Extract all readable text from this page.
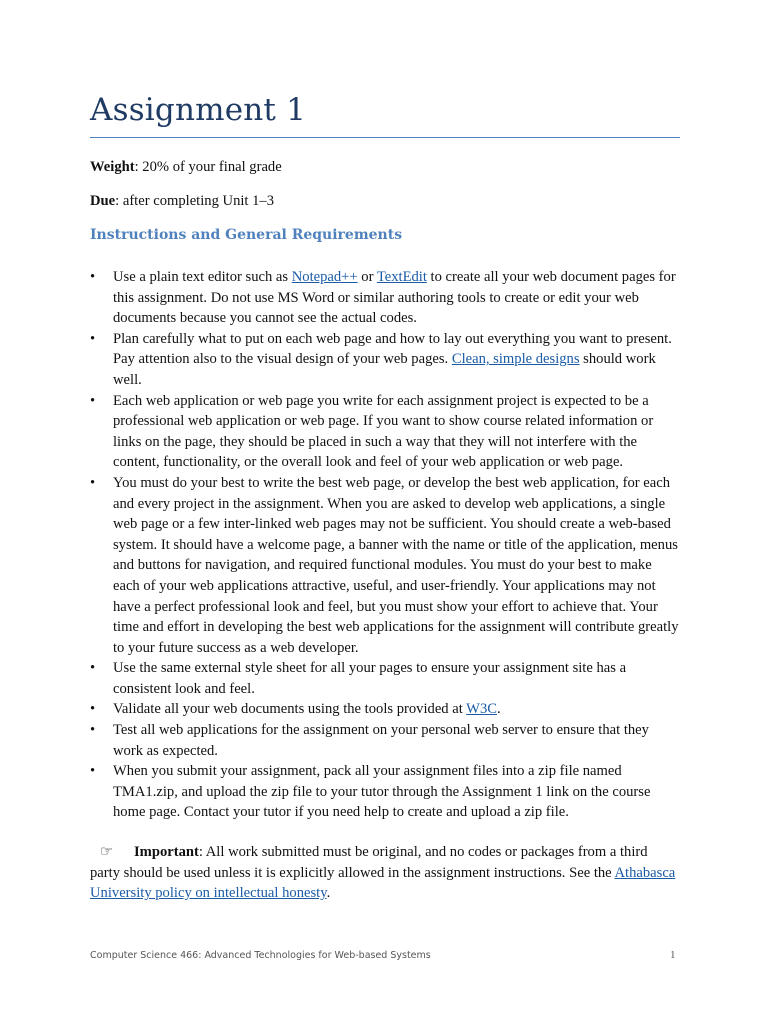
Assignment 1
Weight: 20% of your final grade
Due: after completing Unit 1–3
Instructions and General Requirements
• Use a plain text editor such as Notepad++ or TextEdit to create all your web document pages for this assignment. Do not use MS Word or similar authoring tools to create or edit your web documents because you cannot see the actual codes.
• Plan carefully what to put on each web page and how to lay out everything you want to present. Pay attention also to the visual design of your web pages. Clean, simple designs should work well.
• Each web application or web page you write for each assignment project is expected to be a professional web application or web page. If you want to show course related information or links on the page, they should be placed in such a way that they will not interfere with the content, functionality, or the overall look and feel of your web application or web page.
• You must do your best to write the best web page, or develop the best web application, for each and every project in the assignment. When you are asked to develop web applications, a single web page or a few inter-linked web pages may not be sufficient. You should create a web-based system. It should have a welcome page, a banner with the name or title of the application, menus and buttons for navigation, and required functional modules. You must do your best to make each of your web applications attractive, useful, and user-friendly. Your applications may not have a perfect professional look and feel, but you must show your effort to achieve that. Your time and effort in developing the best web applications for the assignment will contribute greatly to your future success as a web developer.
• Use the same external style sheet for all your pages to ensure your assignment site has a consistent look and feel.
• Validate all your web documents using the tools provided at W3C.
• Test all web applications for the assignment on your personal web server to ensure that they work as expected.
• When you submit your assignment, pack all your assignment files into a zip file named TMA1.zip, and upload the zip file to your tutor through the Assignment 1 link on the course home page. Contact your tutor if you need help to create and upload a zip file.
☞ Important: All work submitted must be original, and no codes or packages from a third party should be used unless it is explicitly allowed in the assignment instructions. See the Athabasca University policy on intellectual honesty.
Computer Science 466: Advanced Technologies for Web-based Systems	1
